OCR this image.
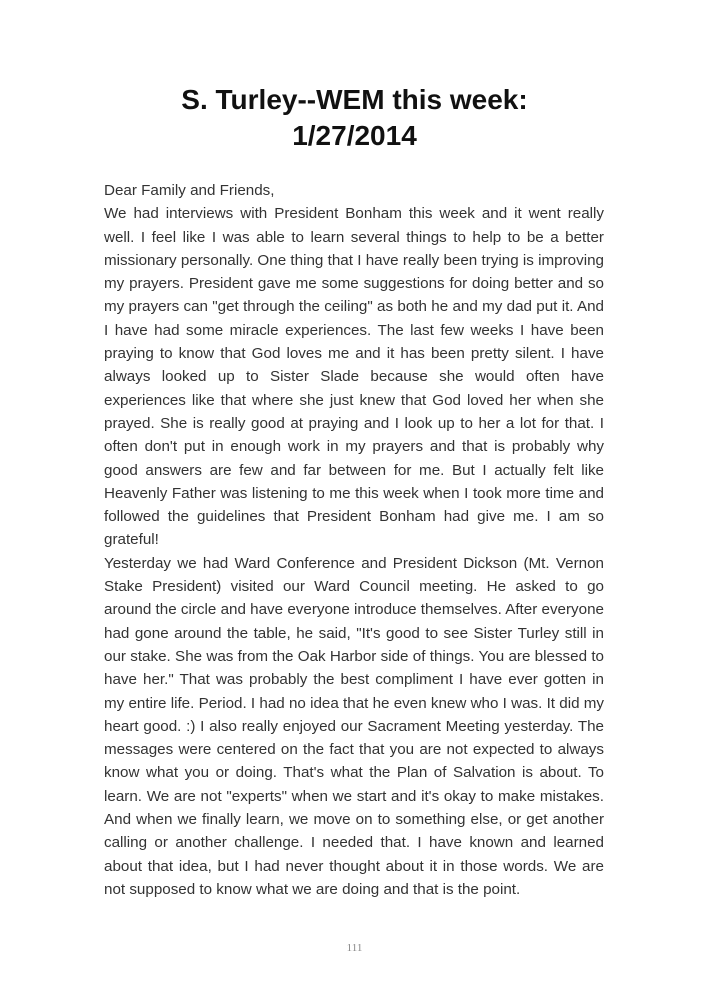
S. Turley--WEM this week:
1/27/2014

Dear Family and Friends,

We had interviews with President Bonham this week and it went really well. I feel like I was able to learn several things to help to be a better missionary personally. One thing that I have really been trying is improving my prayers. President gave me some suggestions for doing better and so my prayers can "get through the ceiling" as both he and my dad put it. And I have had some miracle experiences. The last few weeks I have been praying to know that God loves me and it has been pretty silent. I have always looked up to Sister Slade because she would often have experiences like that where she just knew that God loved her when she prayed. She is really good at praying and I look up to her a lot for that. I often don't put in enough work in my prayers and that is probably why good answers are few and far between for me. But I actually felt like Heavenly Father was listening to me this week when I took more time and followed the guidelines that President Bonham had give me. I am so grateful!

Yesterday we had Ward Conference and President Dickson (Mt. Vernon Stake President) visited our Ward Council meeting. He asked to go around the circle and have everyone introduce themselves. After everyone had gone around the table, he said, "It's good to see Sister Turley still in our stake. She was from the Oak Harbor side of things. You are blessed to have her." That was probably the best compliment I have ever gotten in my entire life. Period. I had no idea that he even knew who I was. It did my heart good. :) I also really enjoyed our Sacrament Meeting yesterday. The messages were centered on the fact that you are not expected to always know what you or doing. That's what the Plan of Salvation is about. To learn. We are not "experts" when we start and it's okay to make mistakes. And when we finally learn, we move on to something else, or get another calling or another challenge. I needed that. I have known and learned about that idea, but I had never thought about it in those words. We are not supposed to know what we are doing and that is the point.

111
